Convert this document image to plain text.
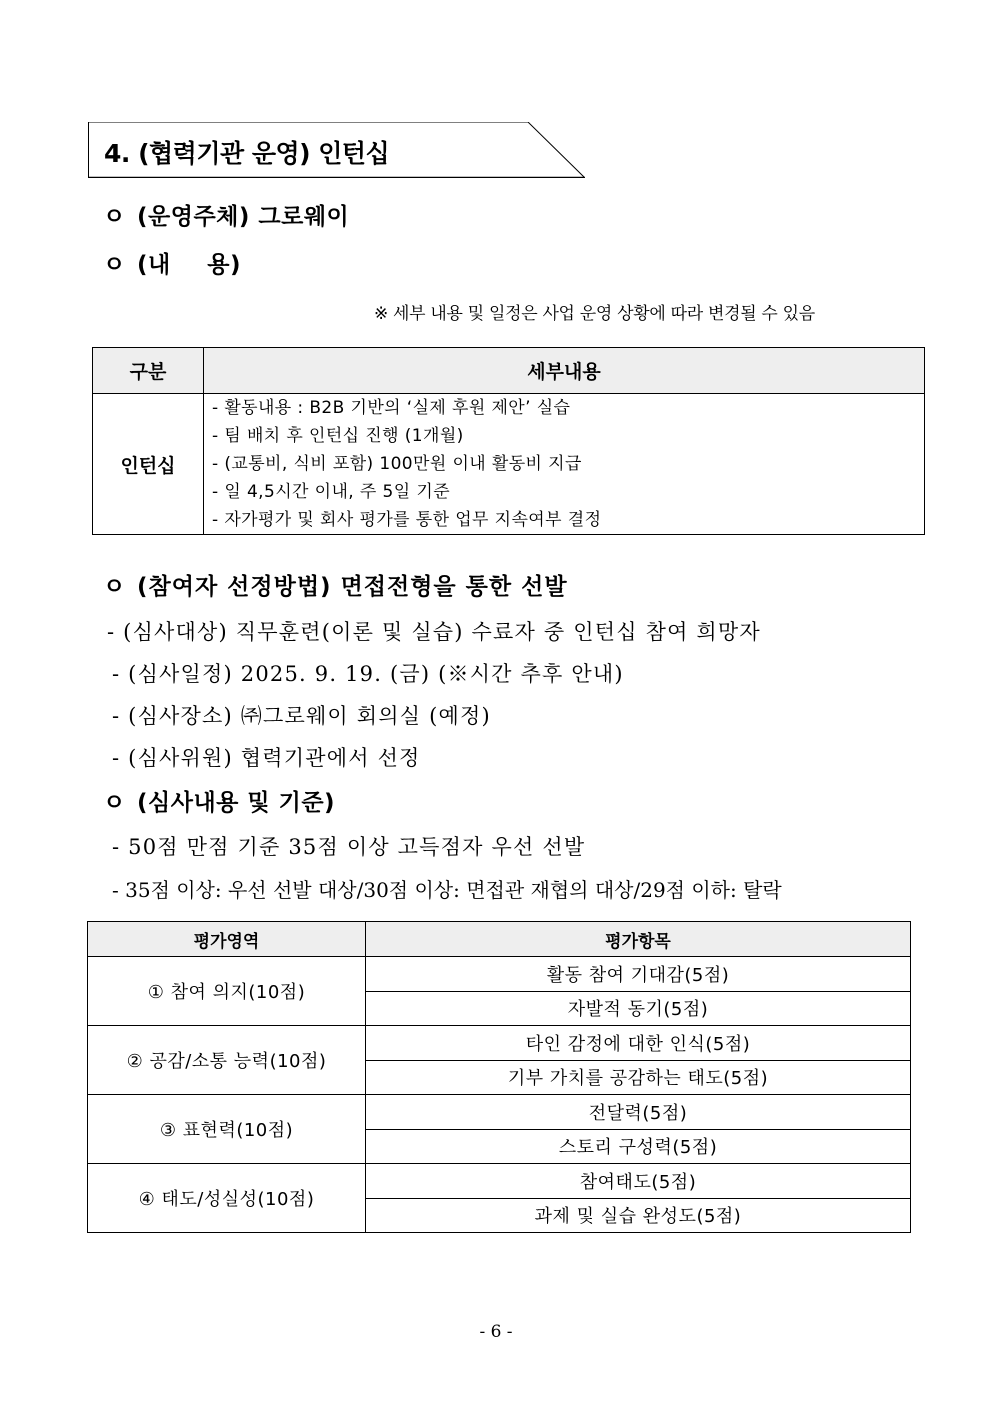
4. (협력기관 운영) 인턴십
ㅇ (운영주체) 그로웨이
ㅇ (내 용)
※ 세부 내용 및 일정은 사업 운영 상황에 따라 변경될 수 있음
구분	세부내용
인턴십	- 활동내용 : B2B 기반의 ‘실제 후원 제안’ 실습
- 팀 배치 후 인턴십 진행 (1개월)
- (교통비, 식비 포함) 100만원 이내 활동비 지급
- 일 4,5시간 이내, 주 5일 기준
- 자가평가 및 회사 평가를 통한 업무 지속여부 결정
ㅇ (참여자 선정방법) 면접전형을 통한 선발
- (심사대상) 직무훈련(이론 및 실습) 수료자 중 인턴십 참여 희망자
- (심사일정) 2025. 9. 19. (금) (※시간 추후 안내)
- (심사장소) ㈜그로웨이 회의실 (예정)
- (심사위원) 협력기관에서 선정
ㅇ (심사내용 및 기준)
- 50점 만점 기준 35점 이상 고득점자 우선 선발
- 35점 이상: 우선 선발 대상/30점 이상: 면접관 재협의 대상/29점 이하: 탈락
평가영역	평가항목
① 참여 의지(10점)	활동 참여 기대감(5점)
	자발적 동기(5점)
② 공감/소통 능력(10점)	타인 감정에 대한 인식(5점)
	기부 가치를 공감하는 태도(5점)
③ 표현력(10점)	전달력(5점)
	스토리 구성력(5점)
④ 태도/성실성(10점)	참여태도(5점)
	과제 및 실습 완성도(5점)
- 6 -
